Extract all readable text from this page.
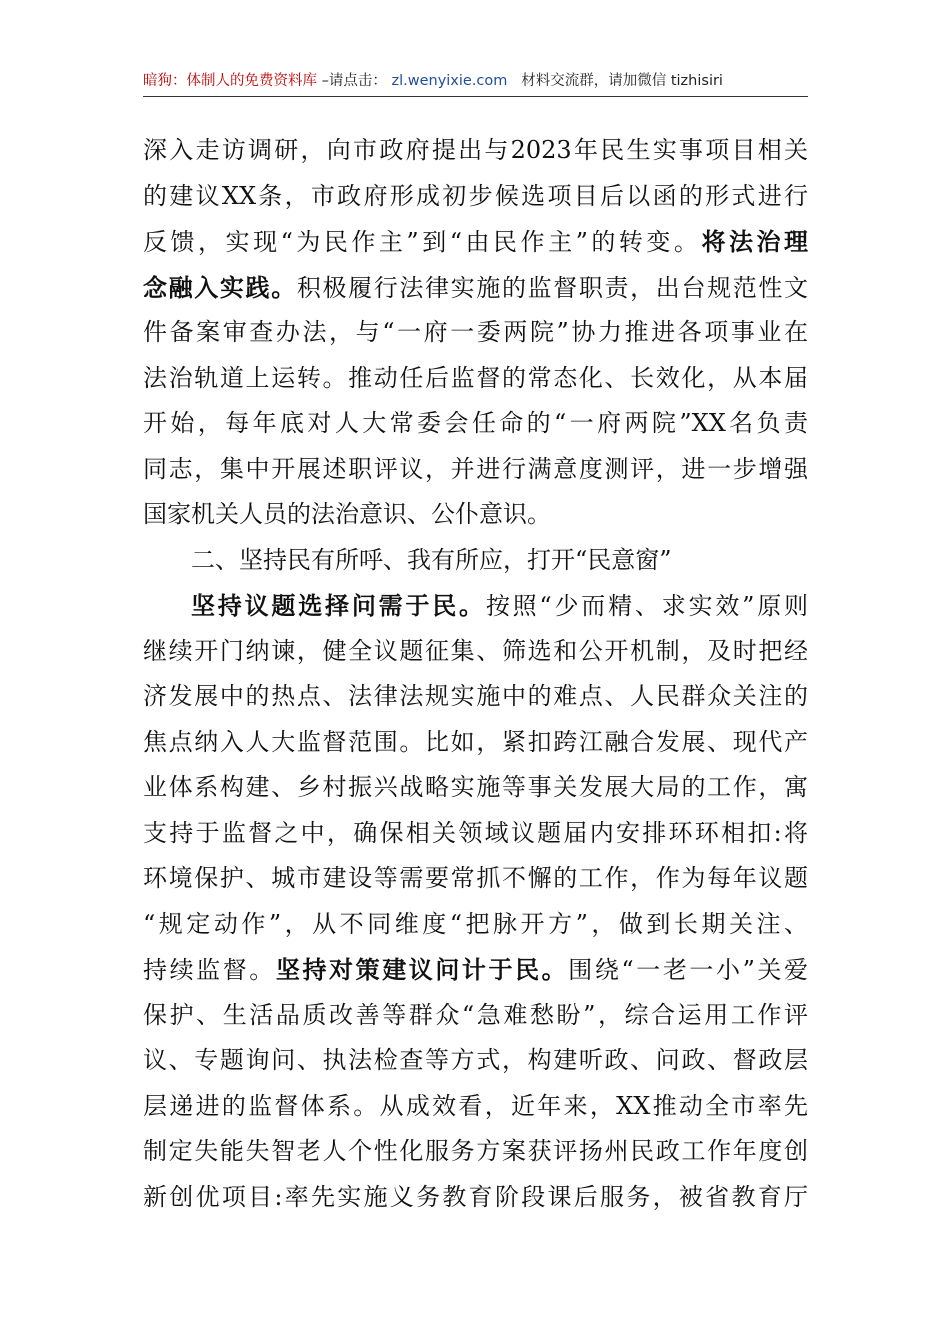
暗狗：体制人的免费资料库 –请点击： zl.wenyixie.com 材料交流群，请加微信 tizhisiri
深入走访调研，向市政府提出与2023年民生实事项目相关
的建议XX条，市政府形成初步候选项目后以函的形式进行
反馈，实现“为民作主”到“由民作主”的转变。将法治理
念融入实践。积极履行法律实施的监督职责，出台规范性文
件备案审查办法，与“一府一委两院”协力推进各项事业在
法治轨道上运转。推动任后监督的常态化、长效化，从本届
开始，每年底对人大常委会任命的“一府两院”XX名负责
同志，集中开展述职评议，并进行满意度测评，进一步增强
国家机关人员的法治意识、公仆意识。
二、坚持民有所呼、我有所应，打开“民意窗”
坚持议题选择问需于民。按照“少而精、求实效”原则
继续开门纳谏，健全议题征集、筛选和公开机制，及时把经
济发展中的热点、法律法规实施中的难点、人民群众关注的
焦点纳入人大监督范围。比如，紧扣跨江融合发展、现代产
业体系构建、乡村振兴战略实施等事关发展大局的工作，寓
支持于监督之中，确保相关领域议题届内安排环环相扣:将
环境保护、城市建设等需要常抓不懈的工作，作为每年议题
“规定动作”，从不同维度“把脉开方”，做到长期关注、
持续监督。坚持对策建议问计于民。围绕“一老一小”关爱
保护、生活品质改善等群众“急难愁盼”，综合运用工作评
议、专题询问、执法检查等方式，构建听政、问政、督政层
层递进的监督体系。从成效看，近年来，XX推动全市率先
制定失能失智老人个性化服务方案获评扬州民政工作年度创
新创优项目:率先实施义务教育阶段课后服务，被省教育厅
